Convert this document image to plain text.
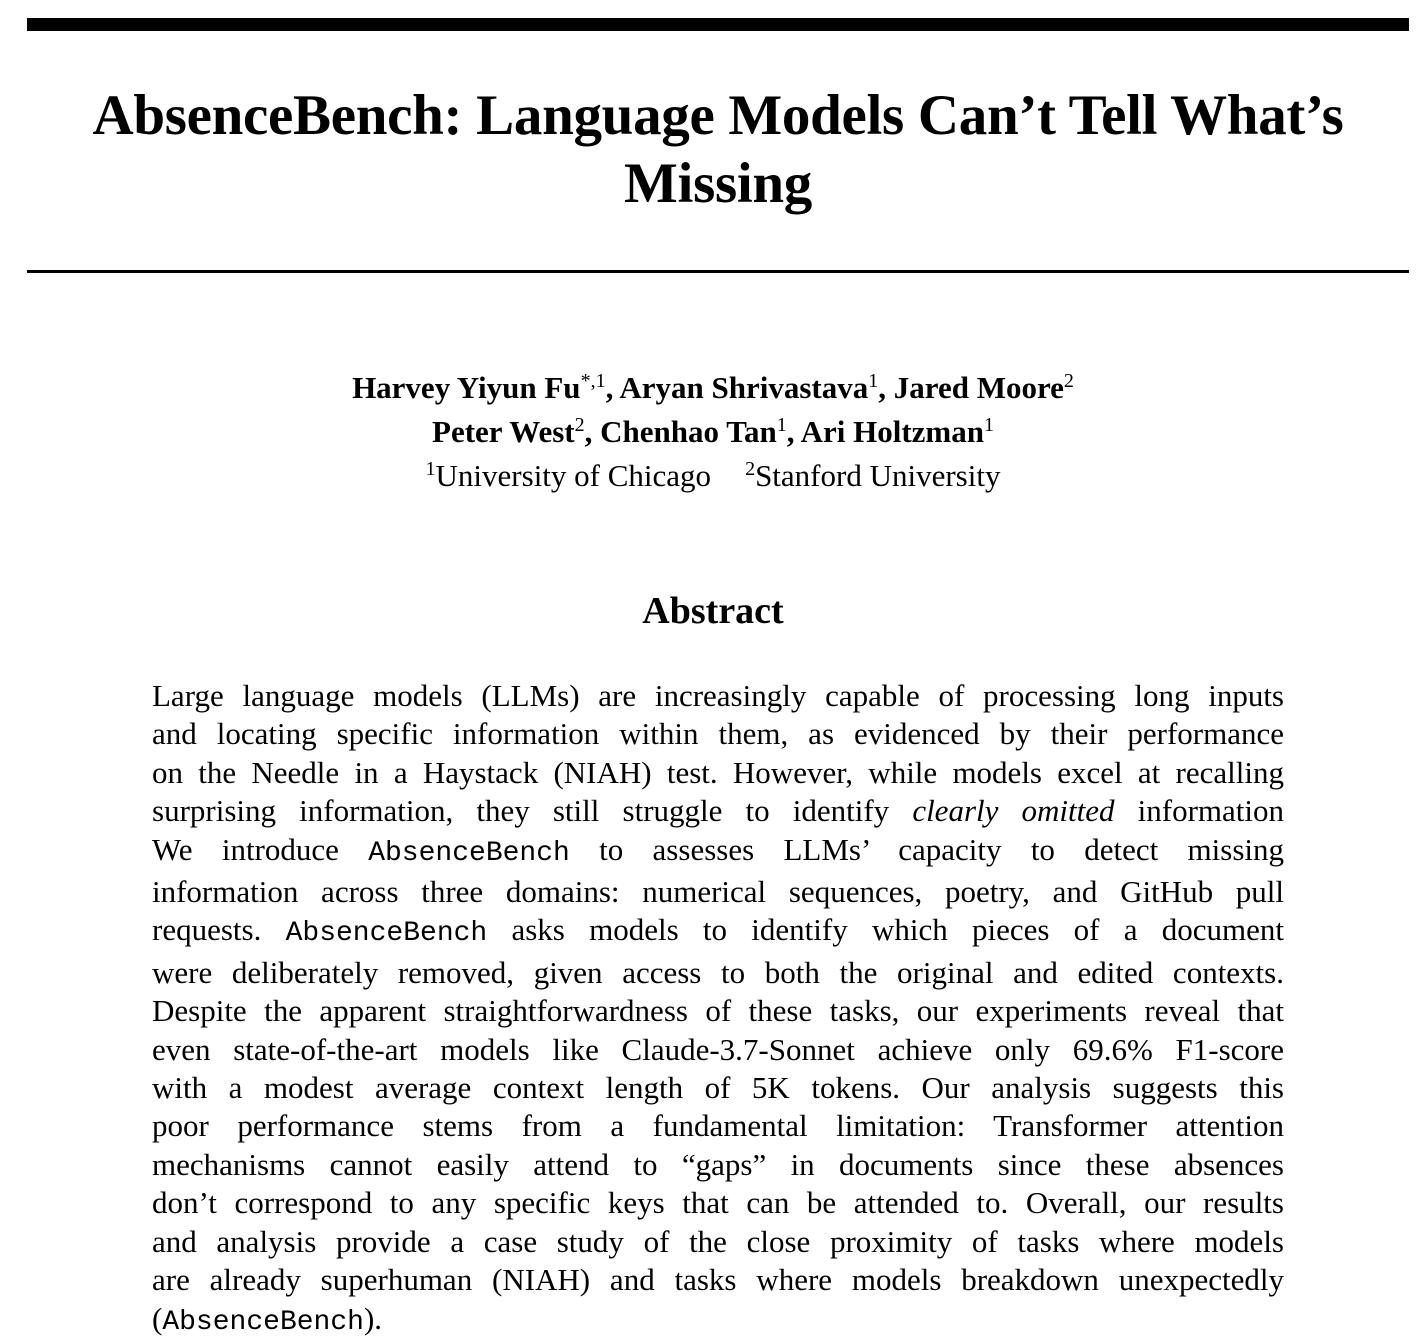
AbsenceBench: Language Models Can’t Tell What’s
Missing
Harvey Yiyun $Fu^{*,1}$, Aryan Shrivastava$^1$, Jared Moore$^2$
Peter West$^2$, Chenhao Tan$^1$, Ari Holtzman$^1$
$^1$University of Chicago $^2$Stanford University
Abstract
Large language models (LLMs) are increasingly capable of processing long inputs
and locating specific information within them, as evidenced by their performance
on the Needle in a Haystack (NIAH) test. However, while models excel at recalling
surprising information, they still struggle to identify clearly omitted information
We introduce AbsenceBench to assesses LLMs’ capacity to detect missing
information across three domains: numerical sequences, poetry, and GitHub pull
requests. AbsenceBench asks models to identify which pieces of a document
were deliberately removed, given access to both the original and edited contexts.
Despite the apparent straightforwardness of these tasks, our experiments reveal that
even state-of-the-art models like Claude-3.7-Sonnet achieve only 69.6% F1-score
with a modest average context length of 5K tokens. Our analysis suggests this
poor performance stems from a fundamental limitation: Transformer attention
mechanisms cannot easily attend to “gaps” in documents since these absences
don’t correspond to any specific keys that can be attended to. Overall, our results
and analysis provide a case study of the close proximity of tasks where models
are already superhuman (NIAH) and tasks where models breakdown unexpectedly
(AbsenceBench).
